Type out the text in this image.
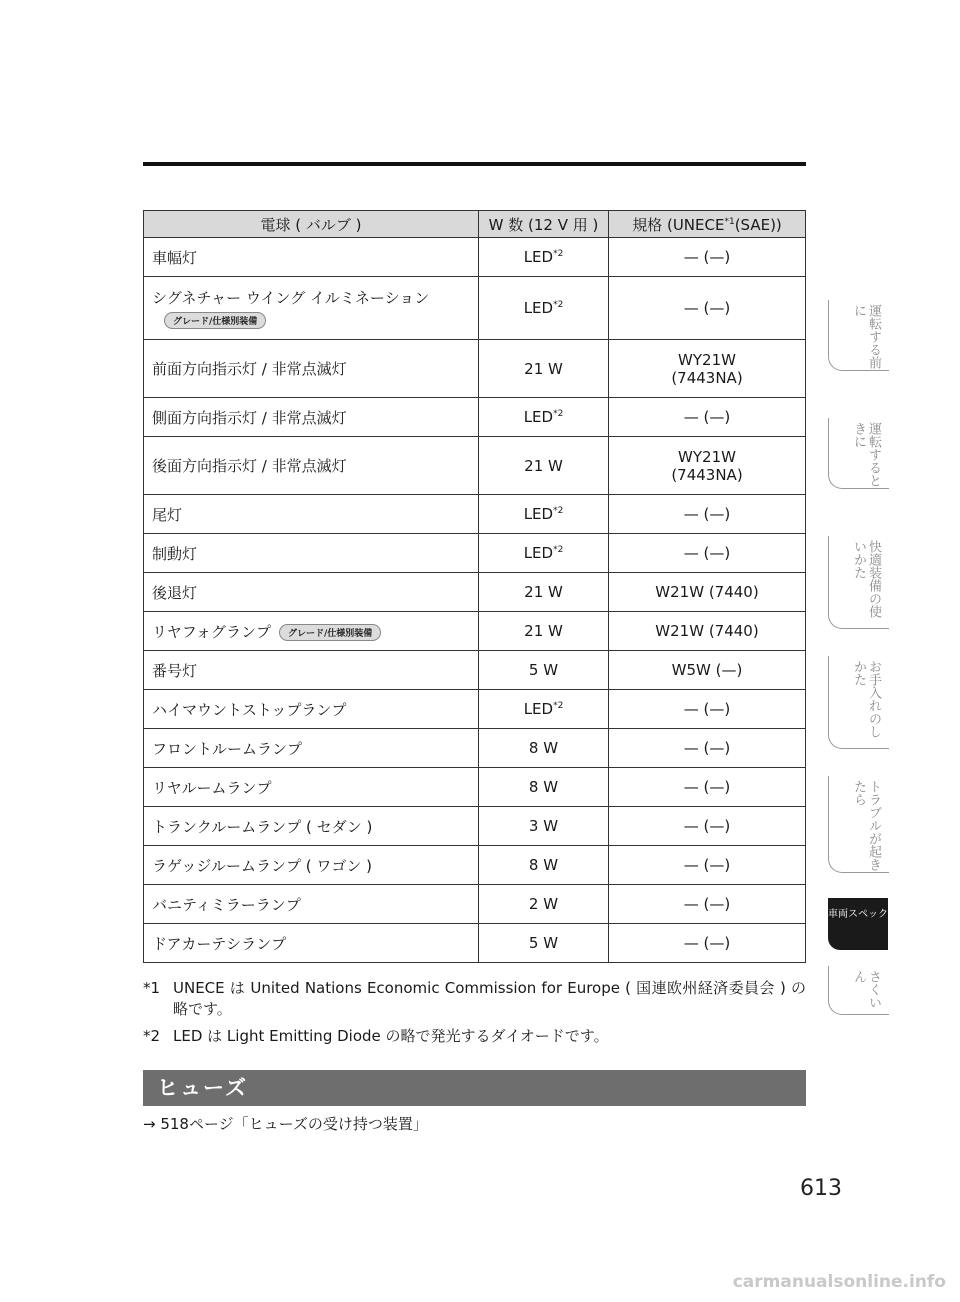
電球 ( バルブ )	W 数 (12 V 用 )	規格 (UNECE$^{*1}$(SAE))
車幅灯	LED$^{*2}$	— (—)
シグネチャー ウイング イルミネーション
グレード/仕様別装備	LED$^{*2}$	— (—)
前面方向指示灯 / 非常点滅灯	21 W	WY21W
(7443NA)
側面方向指示灯 / 非常点滅灯	LED$^{*2}$	— (—)
後面方向指示灯 / 非常点滅灯	21 W	WY21W
(7443NA)
尾灯	LED$^{*2}$	— (—)
制動灯	LED$^{*2}$	— (—)
後退灯	21 W	W21W (7440)
リヤフォグランプ グレード/仕様別装備	21 W	W21W (7440)
番号灯	5 W	W5W (—)
ハイマウントストップランプ	LED$^{*2}$	— (—)
フロントルームランプ	8 W	— (—)
リヤルームランプ	8 W	— (—)
トランクルームランプ ( セダン )	3 W	— (—)
ラゲッジルームランプ ( ワゴン )	8 W	— (—)
バニティミラーランプ	2 W	— (—)
ドアカーテシランプ	5 W	— (—)
*1 UNECE は United Nations Economic Commission for Europe ( 国連欧州経済委員会 ) の略です。
*2 LED は Light Emitting Diode の略で発光するダイオードです。
ヒューズ
→ 518ページ「ヒューズの受け持つ装置」
613
運転する前に
運転するときに
快適装備の使いかた
お手入れのしかた
トラブルが起きたら
車両スペック
さくいん
carmanualsonline.info
